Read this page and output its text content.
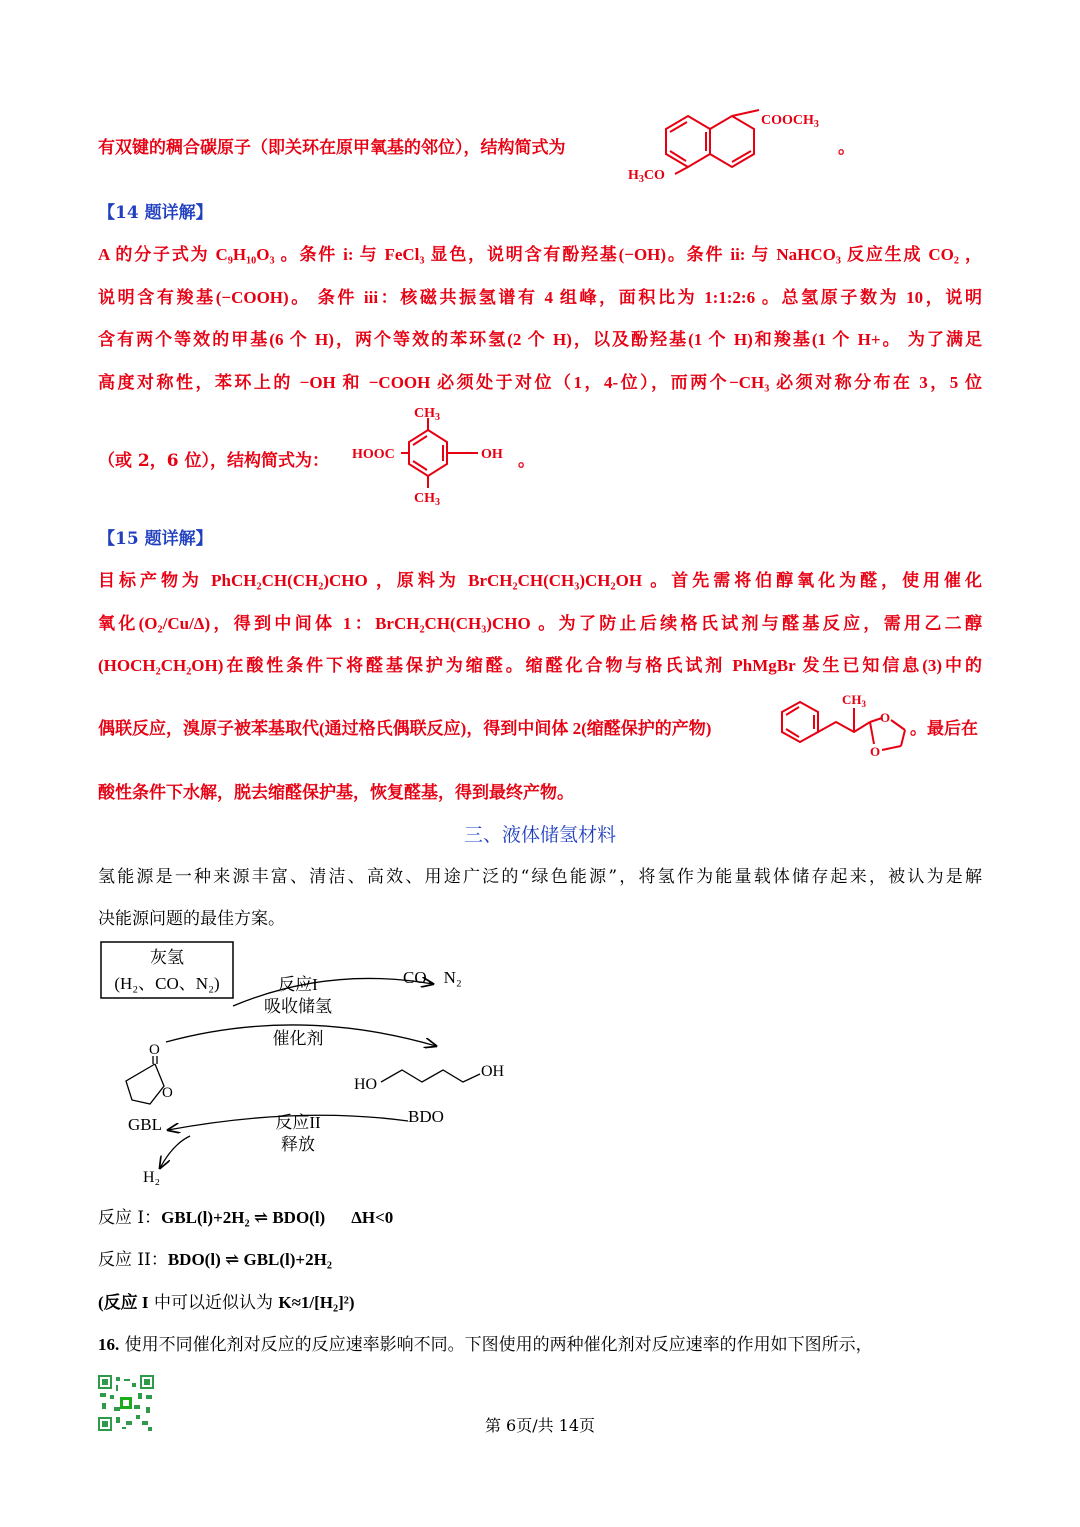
有双键的稠合碳原子（即关环在原甲氧基的邻位），结构简式为
$COOCH_3$
$H_3CO$
。
【14 题详解】
A 的分子式为 C₉H₁₀O₃ 。条件 i: 与 FeCl₃ 显色，说明含有酚羟基(−OH)。条件 ii: 与 NaHCO₃ 反应生成 CO₂ ，
说明含有羧基(−COOH)。 条件 iii：核磁共振氢谱有 4 组峰，面积比为 1:1:2:6 。总氢原子数为 10，说明
含有两个等效的甲基(6 个 H)，两个等效的苯环氢(2 个 H)，以及酚羟基(1 个 H)和羧基(1 个 H+。 为了满足
高度对称性，苯环上的 −OH 和 −COOH 必须处于对位（1，4-位），而两个−CH₃ 必须对称分布在 3，5 位
（或 2，6 位），结构简式为：
$CH_3$
$CH_3$
HOOC	OH 。
【15 题详解】
目标产物为 PhCH₂CH(CH₂)CHO ，原料为 BrCH₂CH(CH₃)CH₂OH 。首先需将伯醇氧化为醛，使用催化
氧化(O₂/Cu/Δ)，得到中间体 1：BrCH₂CH(CH₃)CHO 。为了防止后续格氏试剂与醛基反应，需用乙二醇
(HOCH₂CH₂OH)在酸性条件下将醛基保护为缩醛。缩醛化合物与格氏试剂 PhMgBr 发生已知信息(3)中的
偶联反应，溴原子被苯基取代(通过格氏偶联反应)，得到中间体 2(缩醛保护的产物)
$CH_3$
O
O
。最后在
酸性条件下水解，脱去缩醛保护基，恢复醛基，得到最终产物。
三、液体储氢材料
氢能源是一种来源丰富、清洁、高效、用途广泛的“绿色能源”，将氢作为能量载体储存起来，被认为是解
决能源问题的最佳方案。
灰氢
(H₂、CO、N₂)	反应I
吸收储氢
催化剂
CO、N₂
O
O
GBL
HO
OH
BDO
反应II
释放
H₂
反应 I：GBL(l)+2H₂ ⇌ BDO(l) ΔH<0
反应 II：BDO(l) ⇌ GBL(l)+2H₂
(反应 I 中可以近似认为 K≈1/[H₂]²)
16. 使用不同催化剂对反应的反应速率影响不同。下图使用的两种催化剂对反应速率的作用如下图所示，
第 6页/共 14页
